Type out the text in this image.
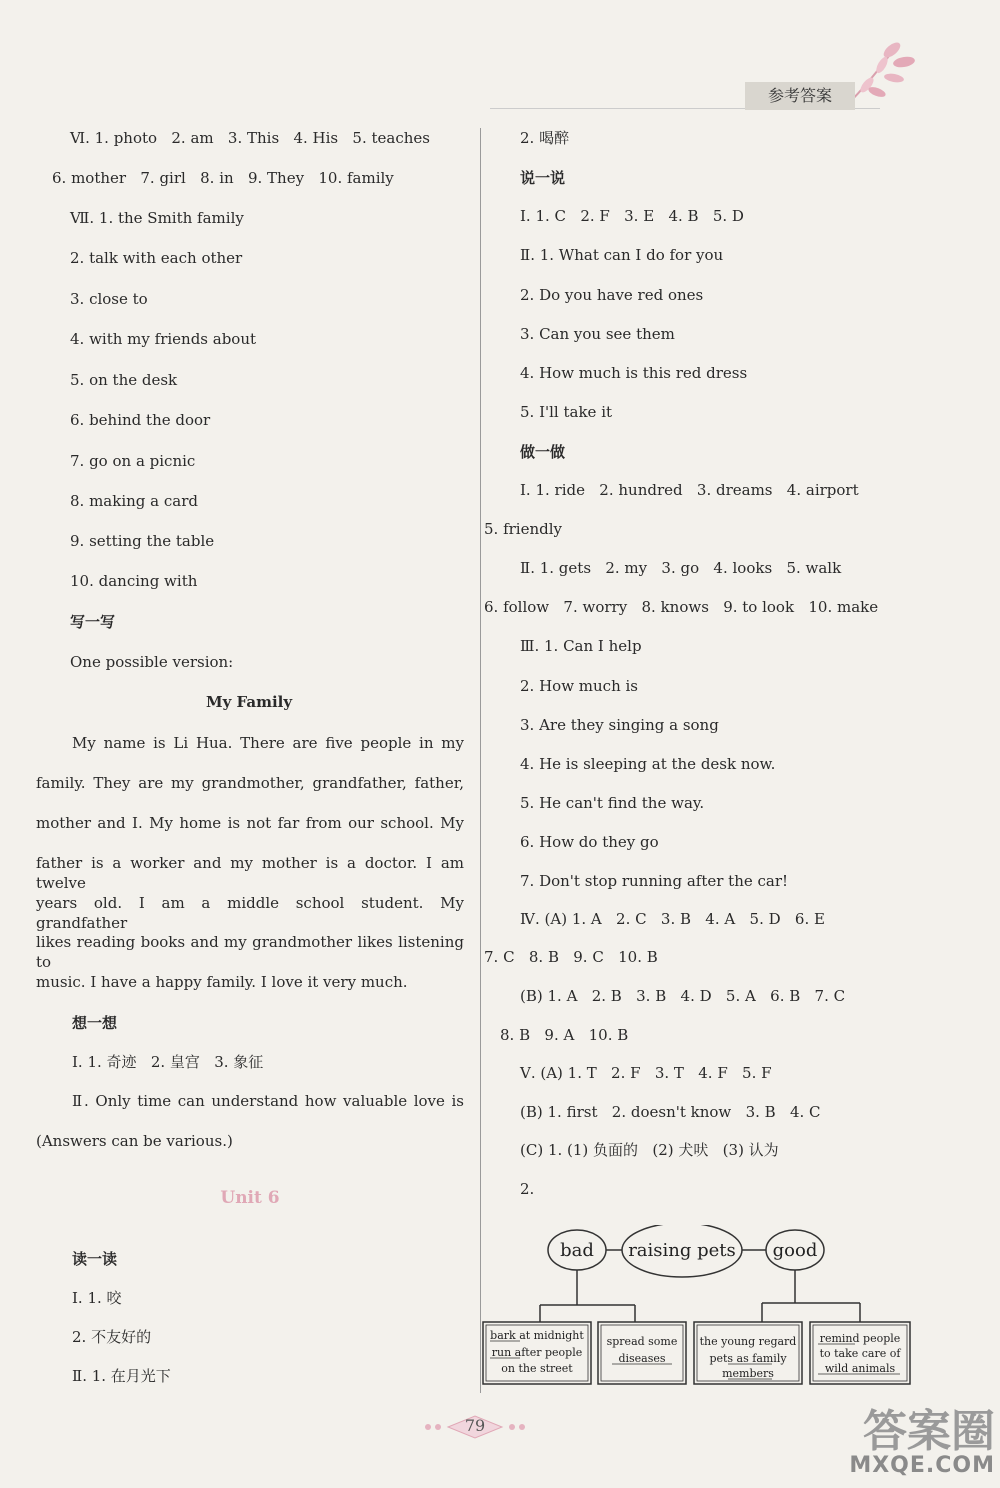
参考答案
Ⅵ. 1. photo   2. am   3. This   4. His   5. teaches
6. mother   7. girl   8. in   9. They   10. family
Ⅶ. 1. the Smith family
2. talk with each other
3. close to
4. with my friends about
5. on the desk
6. behind the door
7. go on a picnic
8. making a card
9. setting the table
10. dancing with
写一写
One possible version:
My Family
My name is Li Hua. There are five people in my
family. They are my grandmother, grandfather, father,
mother and I. My home is not far from our school. My
father is a worker and my mother is a doctor. I am twelve
years old. I am a middle school student. My grandfather
likes reading books and my grandmother likes listening to
music. I have a happy family. I love it very much.
想一想
Ⅰ. 1. 奇迹   2. 皇宫   3. 象征
Ⅱ. Only time can understand how valuable love is
(Answers can be various.)
Unit 6
读一读
Ⅰ. 1. 咬
2. 不友好的
Ⅱ. 1. 在月光下
2. 喝醉
说一说
Ⅰ. 1. C   2. F   3. E   4. B   5. D
Ⅱ. 1. What can I do for you
2. Do you have red ones
3. Can you see them
4. How much is this red dress
5. I'll take it
做一做
Ⅰ. 1. ride   2. hundred   3. dreams   4. airport
5. friendly
Ⅱ. 1. gets   2. my   3. go   4. looks   5. walk
6. follow   7. worry   8. knows   9. to look   10. make
Ⅲ. 1. Can I help
2. How much is
3. Are they singing a song
4. He is sleeping at the desk now.
5. He can't find the way.
6. How do they go
7. Don't stop running after the car!
Ⅳ. (A) 1. A   2. C   3. B   4. A   5. D   6. E
7. C   8. B   9. C   10. B
(B) 1. A   2. B   3. B   4. D   5. A   6. B   7. C
8. B   9. A   10. B
Ⅴ. (A) 1. T   2. F   3. T   4. F   5. F
(B) 1. first   2. doesn't know   3. B   4. C
(C) 1. (1) 负面的   (2) 犬吠   (3) 认为
2.
bad raising pets good
bark at midnight
run after people
on the street
spread some
diseases
the young regard
pets as family
members
remind people
to take care of
wild animals
79	答案圈
MXQE.COM
